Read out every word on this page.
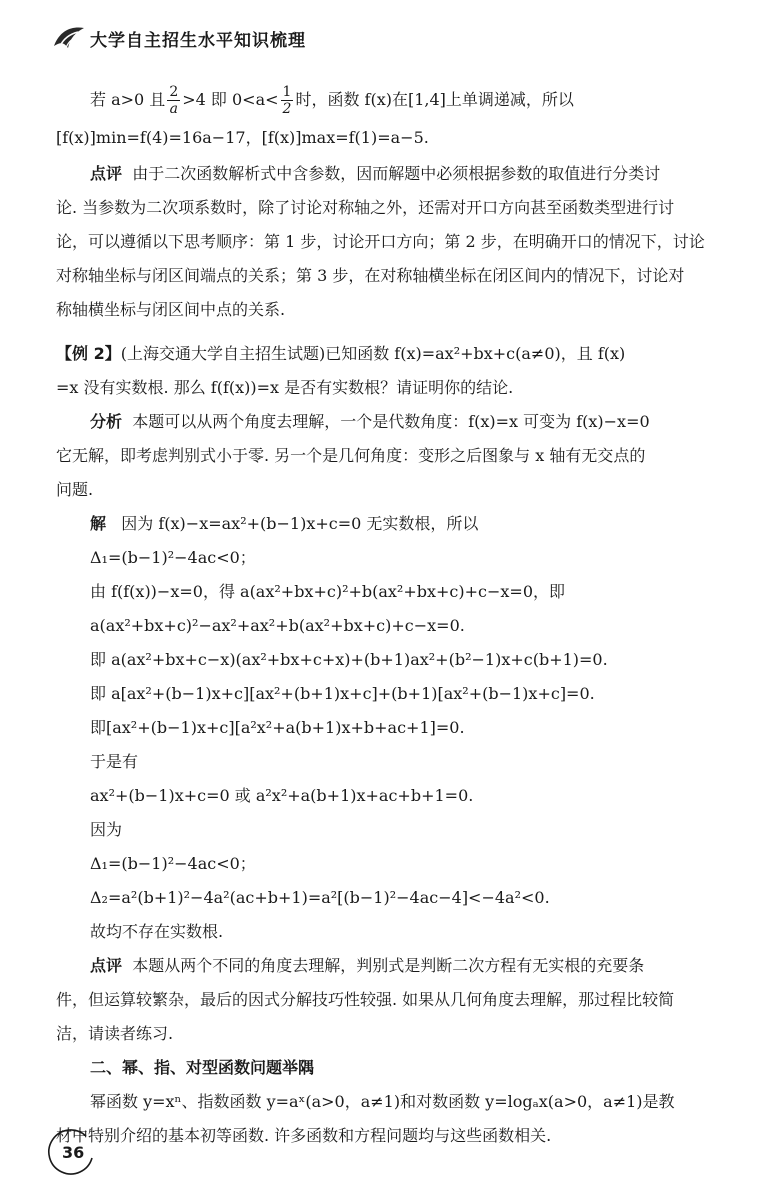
大学自主招生水平知识梳理
若 a>0 且 $\frac{2}{a} >4$ 即 $0<a< \frac{1}{2}$ 时，函数 f(x)在[1,4]上单调递减，所以
[f(x)]min=f(4)=16a−17，[f(x)]max=f(1)=a−5.
点评 由于二次函数解析式中含参数，因而解题中必须根据参数的取值进行分类讨
论. 当参数为二次项系数时，除了讨论对称轴之外，还需对开口方向甚至函数类型进行讨
论，可以遵循以下思考顺序：第 1 步，讨论开口方向；第 2 步，在明确开口的情况下，讨论
对称轴坐标与闭区间端点的关系；第 3 步，在对称轴横坐标在闭区间内的情况下，讨论对
称轴横坐标与闭区间中点的关系.
【例 2】(上海交通大学自主招生试题)已知函数 f(x)=ax²+bx+c(a≠0)，且 f(x)
=x 没有实数根. 那么 f(f(x))=x 是否有实数根？请证明你的结论.
分析 本题可以从两个角度去理解，一个是代数角度：f(x)=x 可变为 f(x)−x=0
它无解，即考虑判别式小于零. 另一个是几何角度：变形之后图象与 x 轴有无交点的
问题.
解 因为 f(x)−x=ax²+(b−1)x+c=0 无实数根，所以
Δ₁=(b−1)²−4ac<0；
由 f(f(x))−x=0，得 a(ax²+bx+c)²+b(ax²+bx+c)+c−x=0，即
a(ax²+bx+c)²−ax²+ax²+b(ax²+bx+c)+c−x=0.
即 a(ax²+bx+c−x)(ax²+bx+c+x)+(b+1)ax²+(b²−1)x+c(b+1)=0.
即 a[ax²+(b−1)x+c][ax²+(b+1)x+c]+(b+1)[ax²+(b−1)x+c]=0.
即[ax²+(b−1)x+c][a²x²+a(b+1)x+b+ac+1]=0.
于是有
ax²+(b−1)x+c=0 或 a²x²+a(b+1)x+ac+b+1=0.
因为
Δ₁=(b−1)²−4ac<0；
Δ₂=a²(b+1)²−4a²(ac+b+1)=a²[(b−1)²−4ac−4]<−4a²<0.
故均不存在实数根.
点评 本题从两个不同的角度去理解，判别式是判断二次方程有无实根的充要条
件，但运算较繁杂，最后的因式分解技巧性较强. 如果从几何角度去理解，那过程比较简
洁，请读者练习.
二、幂、指、对型函数问题举隅
幂函数 y=xⁿ、指数函数 y=aˣ(a>0，a≠1)和对数函数 y=logₐx(a>0，a≠1)是教
材中特别介绍的基本初等函数. 许多函数和方程问题均与这些函数相关.
36
